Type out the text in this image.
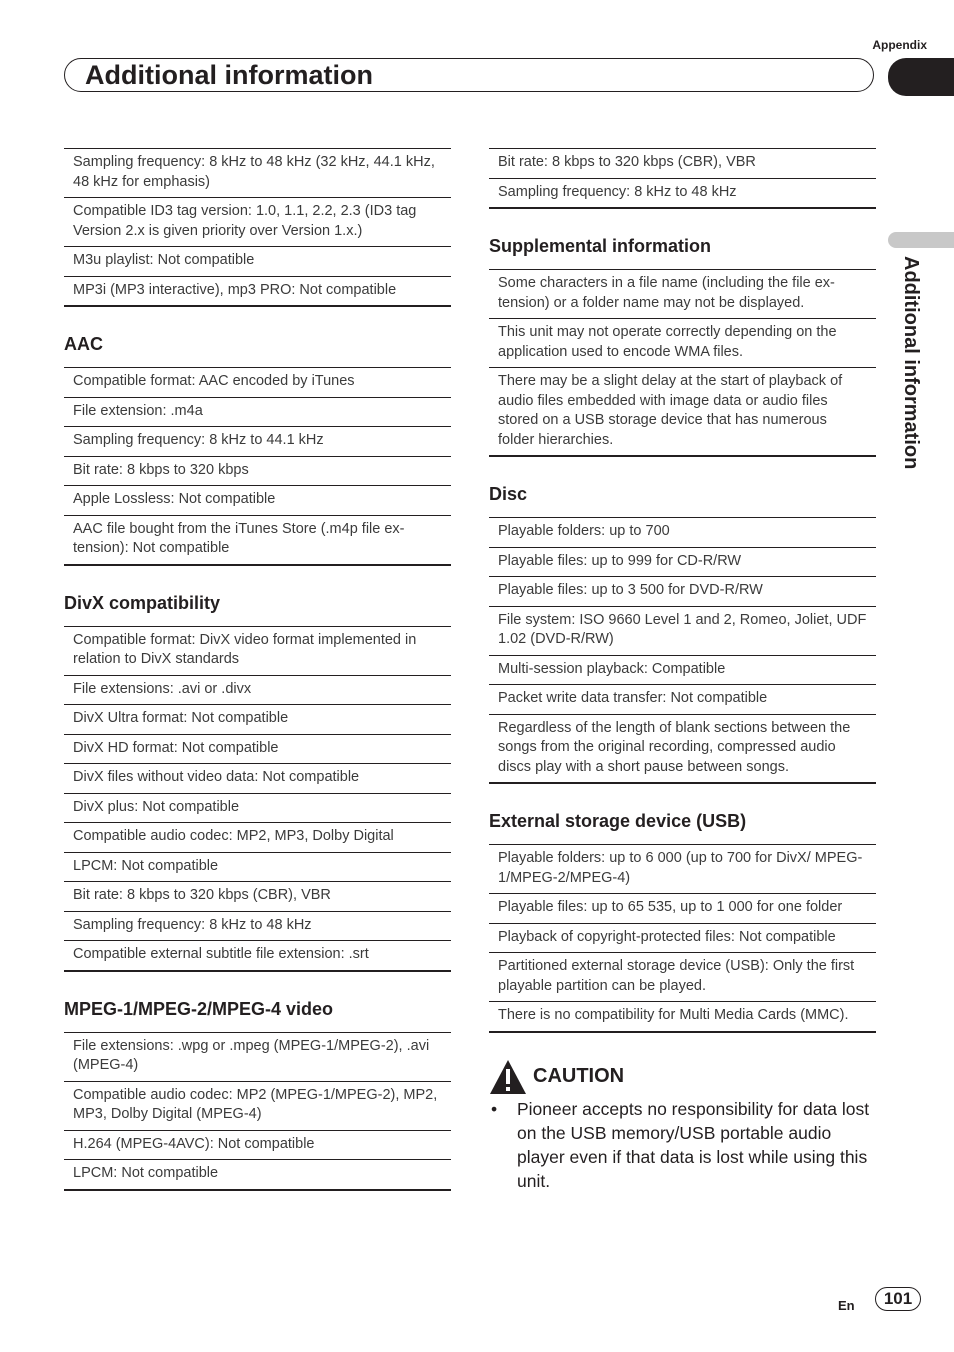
Appendix
Additional information
Additional information
Sampling frequency: 8 kHz to 48 kHz (32 kHz, 44.1 kHz, 48 kHz for emphasis)
Compatible ID3 tag version: 1.0, 1.1, 2.2, 2.3 (ID3 tag Version 2.x is given priority over Version 1.x.)
M3u playlist: Not compatible
MP3i (MP3 interactive), mp3 PRO: Not compatible
AAC
Compatible format: AAC encoded by iTunes
File extension: .m4a
Sampling frequency: 8 kHz to 44.1 kHz
Bit rate: 8 kbps to 320 kbps
Apple Lossless: Not compatible
AAC file bought from the iTunes Store (.m4p file ex-tension): Not compatible
DivX compatibility
Compatible format: DivX video format implemented in relation to DivX standards
File extensions: .avi or .divx
DivX Ultra format: Not compatible
DivX HD format: Not compatible
DivX files without video data: Not compatible
DivX plus: Not compatible
Compatible audio codec: MP2, MP3, Dolby Digital
LPCM: Not compatible
Bit rate: 8 kbps to 320 kbps (CBR), VBR
Sampling frequency: 8 kHz to 48 kHz
Compatible external subtitle file extension: .srt
MPEG-1/MPEG-2/MPEG-4 video
File extensions: .wpg or .mpeg (MPEG-1/MPEG-2), .avi (MPEG-4)
Compatible audio codec: MP2 (MPEG-1/MPEG-2), MP2, MP3, Dolby Digital (MPEG-4)
H.264 (MPEG-4AVC): Not compatible
LPCM: Not compatible
Bit rate: 8 kbps to 320 kbps (CBR), VBR
Sampling frequency: 8 kHz to 48 kHz
Supplemental information
Some characters in a file name (including the file ex-tension) or a folder name may not be displayed.
This unit may not operate correctly depending on the application used to encode WMA files.
There may be a slight delay at the start of playback of audio files embedded with image data or audio files stored on a USB storage device that has numerous folder hierarchies.
Disc
Playable folders: up to 700
Playable files: up to 999 for CD-R/RW
Playable files: up to 3 500 for DVD-R/RW
File system: ISO 9660 Level 1 and 2, Romeo, Joliet, UDF 1.02 (DVD-R/RW)
Multi-session playback: Compatible
Packet write data transfer: Not compatible
Regardless of the length of blank sections between the songs from the original recording, compressed audio discs play with a short pause between songs.
External storage device (USB)
Playable folders: up to 6 000 (up to 700 for DivX/ MPEG-1/MPEG-2/MPEG-4)
Playable files: up to 65 535, up to 1 000 for one folder
Playback of copyright-protected files: Not compatible
Partitioned external storage device (USB): Only the first playable partition can be played.
There is no compatibility for Multi Media Cards (MMC).
CAUTION
•	Pioneer accepts no responsibility for data lost on the USB memory/USB portable audio player even if that data is lost while using this unit.
En	101
